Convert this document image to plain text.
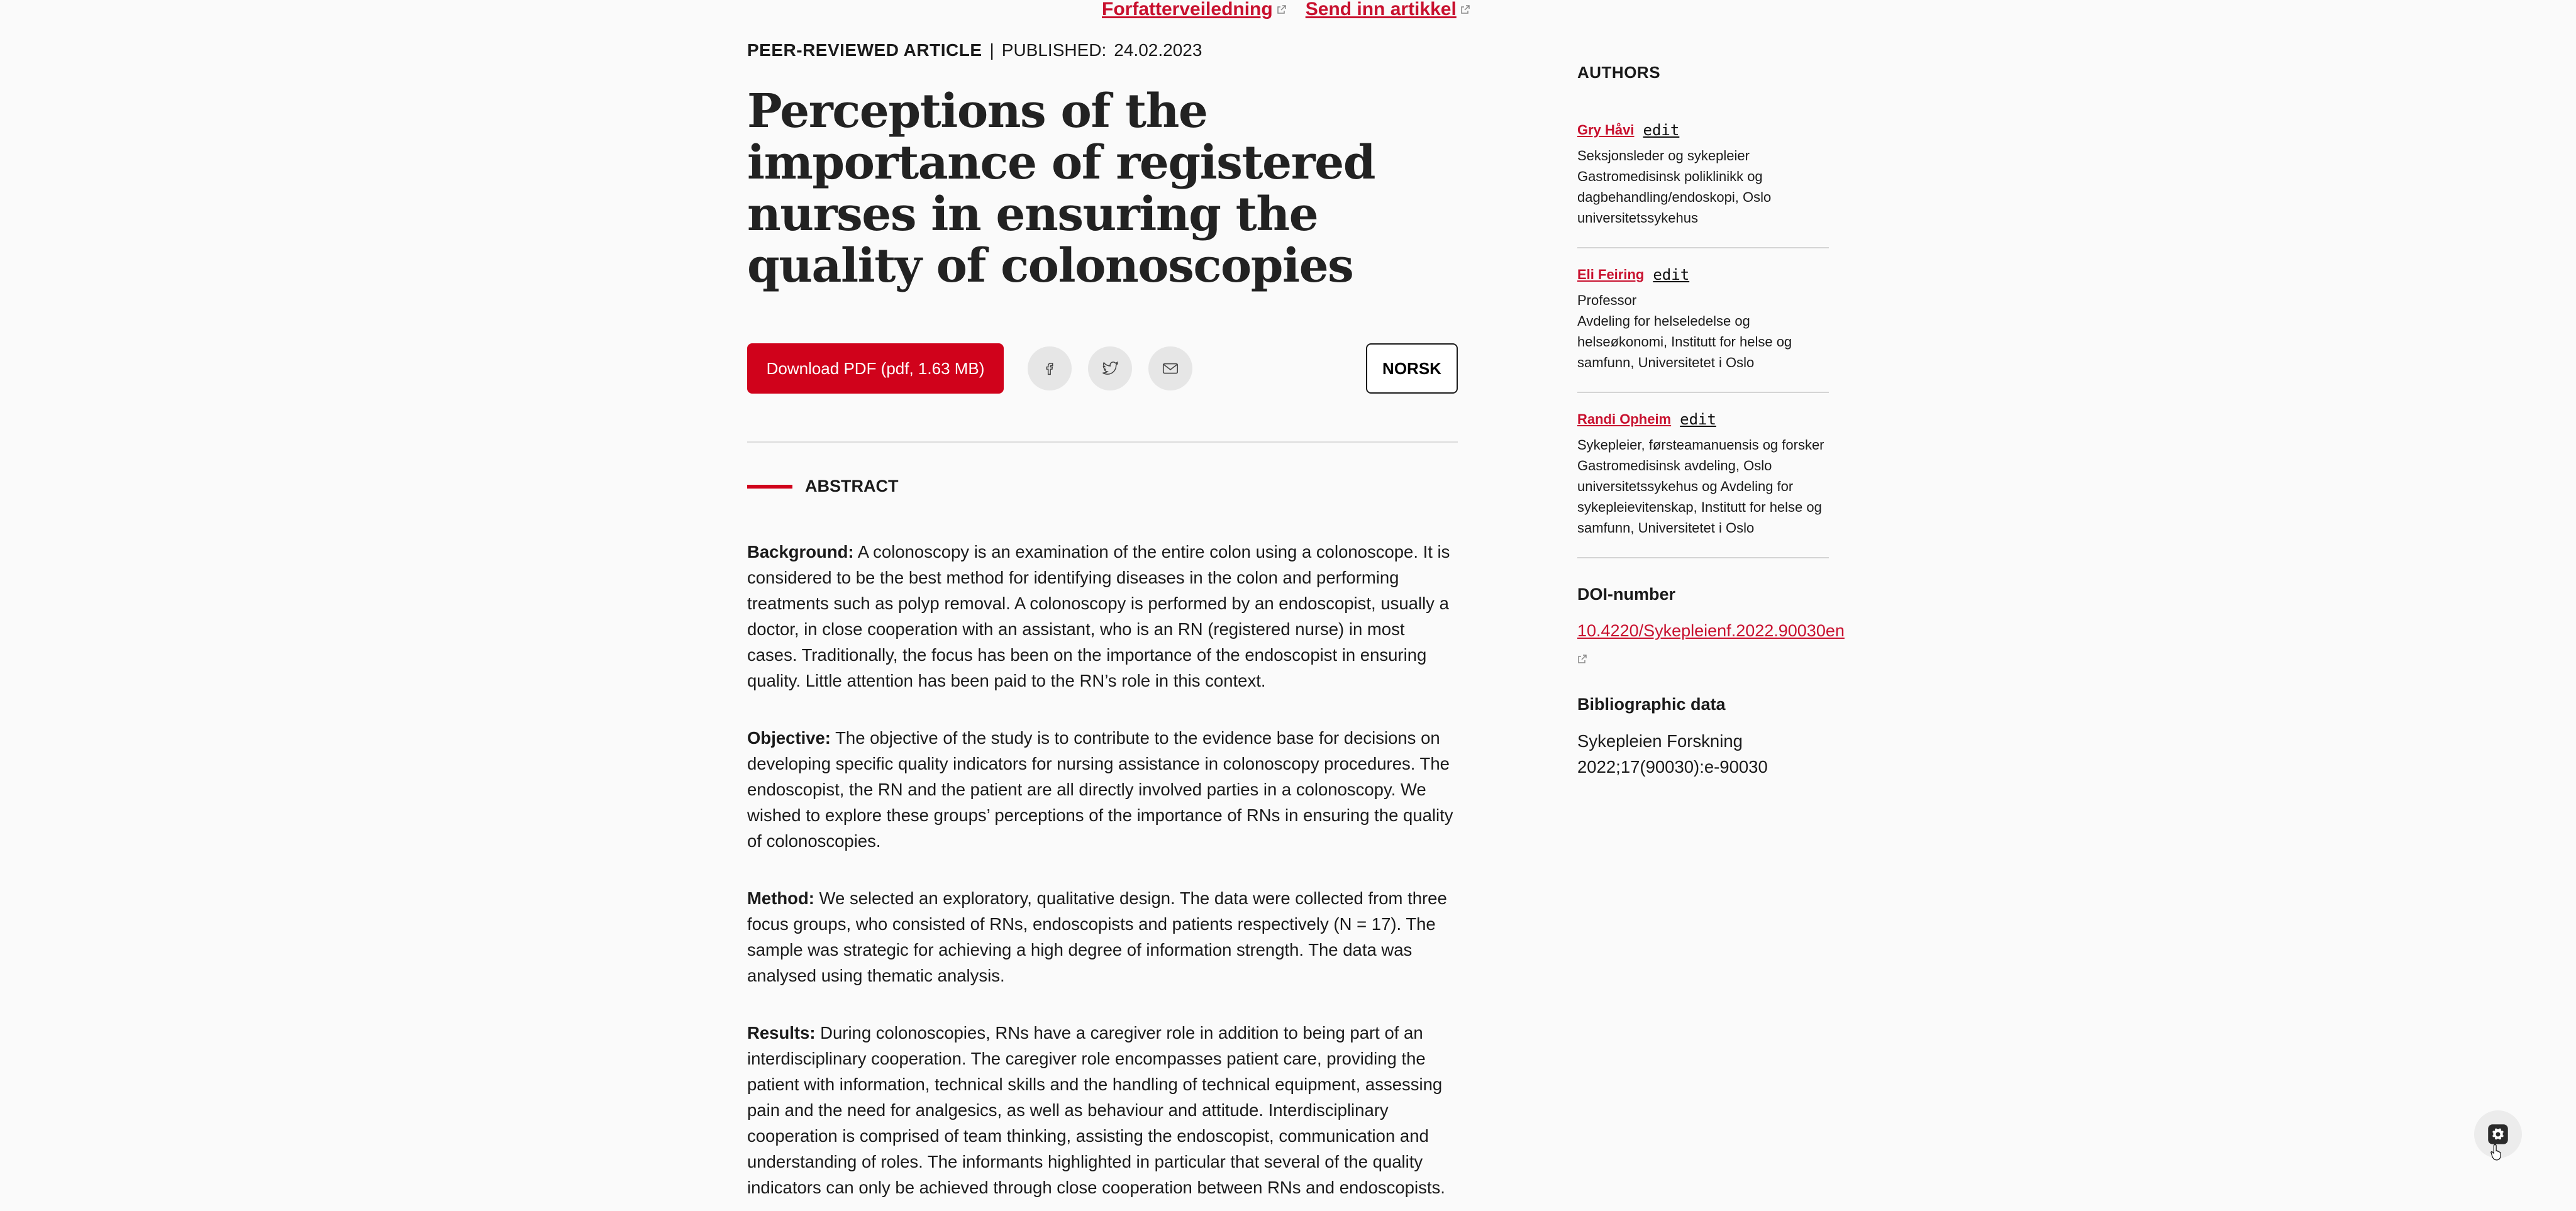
Forfatterveiledning Send inn artikkel
PEER-REVIEWED ARTICLE | PUBLISHED: 24.02.2023
Perceptions of the importance of registered nurses in ensuring the quality of colonoscopies
Download PDF (pdf, 1.63 MB)	NORSK
ABSTRACT

Background: A colonoscopy is an examination of the entire colon using a colonoscope. It is considered to be the best method for identifying diseases in the colon and performing treatments such as polyp removal. A colonoscopy is performed by an endoscopist, usually a doctor, in close cooperation with an assistant, who is an RN (registered nurse) in most cases. Traditionally, the focus has been on the importance of the endoscopist in ensuring quality. Little attention has been paid to the RN’s role in this context.

Objective: The objective of the study is to contribute to the evidence base for decisions on developing specific quality indicators for nursing assistance in colonoscopy procedures. The endoscopist, the RN and the patient are all directly involved parties in a colonoscopy. We wished to explore these groups’ perceptions of the importance of RNs in ensuring the quality of colonoscopies.

Method: We selected an exploratory, qualitative design. The data were collected from three focus groups, who consisted of RNs, endoscopists and patients respectively (N = 17). The sample was strategic for achieving a high degree of information strength. The data was analysed using thematic analysis.

Results: During colonoscopies, RNs have a caregiver role in addition to being part of an interdisciplinary cooperation. The caregiver role encompasses patient care, providing the patient with information, technical skills and the handling of technical equipment, assessing pain and the need for analgesics, as well as behaviour and attitude. Interdisciplinary cooperation is comprised of team thinking, assisting the endoscopist, communication and understanding of roles. The informants highlighted in particular that several of the quality indicators can only be achieved through close cooperation between RNs and endoscopists.

AUTHORS
Gry Håvi edit
Seksjonsleder og sykepleier
Gastromedisinsk poliklinikk og dagbehandling/endoskopi, Oslo universitetssykehus
Eli Feiring edit
Professor
Avdeling for helseledelse og helseøkonomi, Institutt for helse og samfunn, Universitetet i Oslo
Randi Opheim edit
Sykepleier, førsteamanuensis og forsker
Gastromedisinsk avdeling, Oslo universitetssykehus og Avdeling for sykepleievitenskap, Institutt for helse og samfunn, Universitetet i Oslo
DOI-number
10.4220/Sykepleienf.2022.90030en

Bibliographic data
Sykepleien Forskning 2022;17(90030):e-90030
